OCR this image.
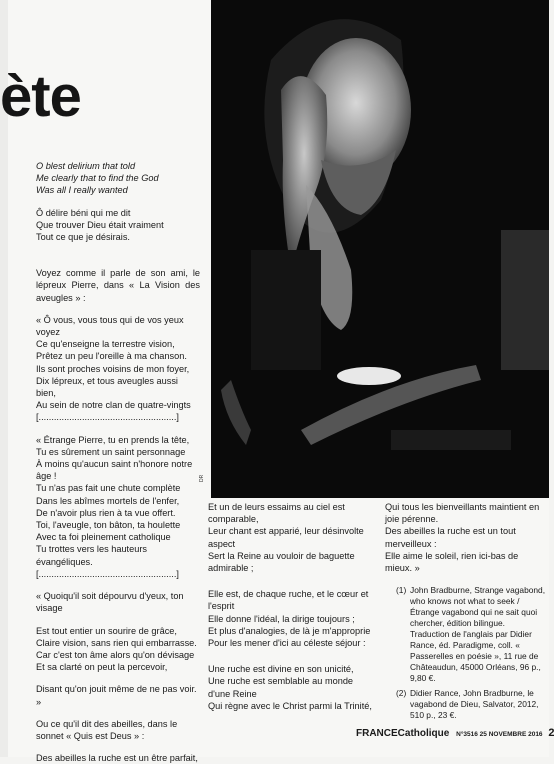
ète
DR

O blest delirium that told

Me clearly that to find the God

Was all I really wanted

Ô délire béni qui me dit

Que trouver Dieu était vraiment

Tout ce que je désirais.

Voyez comme il parle de son ami, le lépreux Pierre, dans « La Vision des aveugles » :

« Ô vous, vous tous qui de vos yeux voyez

Ce qu'enseigne la terrestre vision,

Prêtez un peu l'oreille à ma chanson.

Ils sont proches voisins de mon foyer,

Dix lépreux, et tous aveugles aussi bien,

Au sein de notre clan de quatre-vingts

[......................................................]

« Étrange Pierre, tu en prends la tête,

Tu es sûrement un saint personnage

À moins qu'aucun saint n'honore notre âge !

Tu n'as pas fait une chute complète

Dans les abîmes mortels de l'enfer,

De n'avoir plus rien à ta vue offert.

Toi, l'aveugle, ton bâton, ta houlette

Avec ta foi pleinement catholique

Tu trottes vers les hauteurs évangéliques.

[......................................................]

« Quoiqu'il soit dépourvu d'yeux, ton visage

Est tout entier un sourire de grâce,

Claire vision, sans rien qui embarrasse.

Car c'est ton âme alors qu'on dévisage

Et sa clarté on peut la percevoir,

Disant qu'on jouit même de ne pas voir. »

Ou ce qu'il dit des abeilles, dans le sonnet « Quis est Deus » :

Des abeilles la ruche est un être parfait,

Et un de leurs essaims au ciel est comparable,

Leur chant est apparié, leur désinvolte aspect

Sert la Reine au vouloir de baguette admirable ;

Elle est, de chaque ruche, et le cœur et l'esprit

Elle donne l'idéal, la dirige toujours ;

Et plus d'analogies, de là je m'approprie

Pour les mener d'ici au céleste séjour :

Une ruche est divine en son unicité,

Une ruche est semblable au monde d'une Reine

Qui règne avec le Christ parmi la Trinité,

Qui tous les bienveillants maintient en joie pérenne.

Des abeilles la ruche est un tout merveilleux :

Elle aime le soleil, rien ici-bas de mieux. »

(1) John Bradburne, Strange vagabond, who knows not what to seek / Étrange vagabond qui ne sait quoi chercher, édition bilingue. Traduction de l'anglais par Didier Rance, éd. Paradigme, coll. « Passerelles en poésie », 11 rue de Châteaudun, 45000 Orléans, 96 p., 9,80 €.
(2) Didier Rance, John Bradburne, le vagabond de Dieu, Salvator, 2012, 510 p., 23 €.
FRANCECatholique N°3516 25 NOVEMBRE 2016 2
